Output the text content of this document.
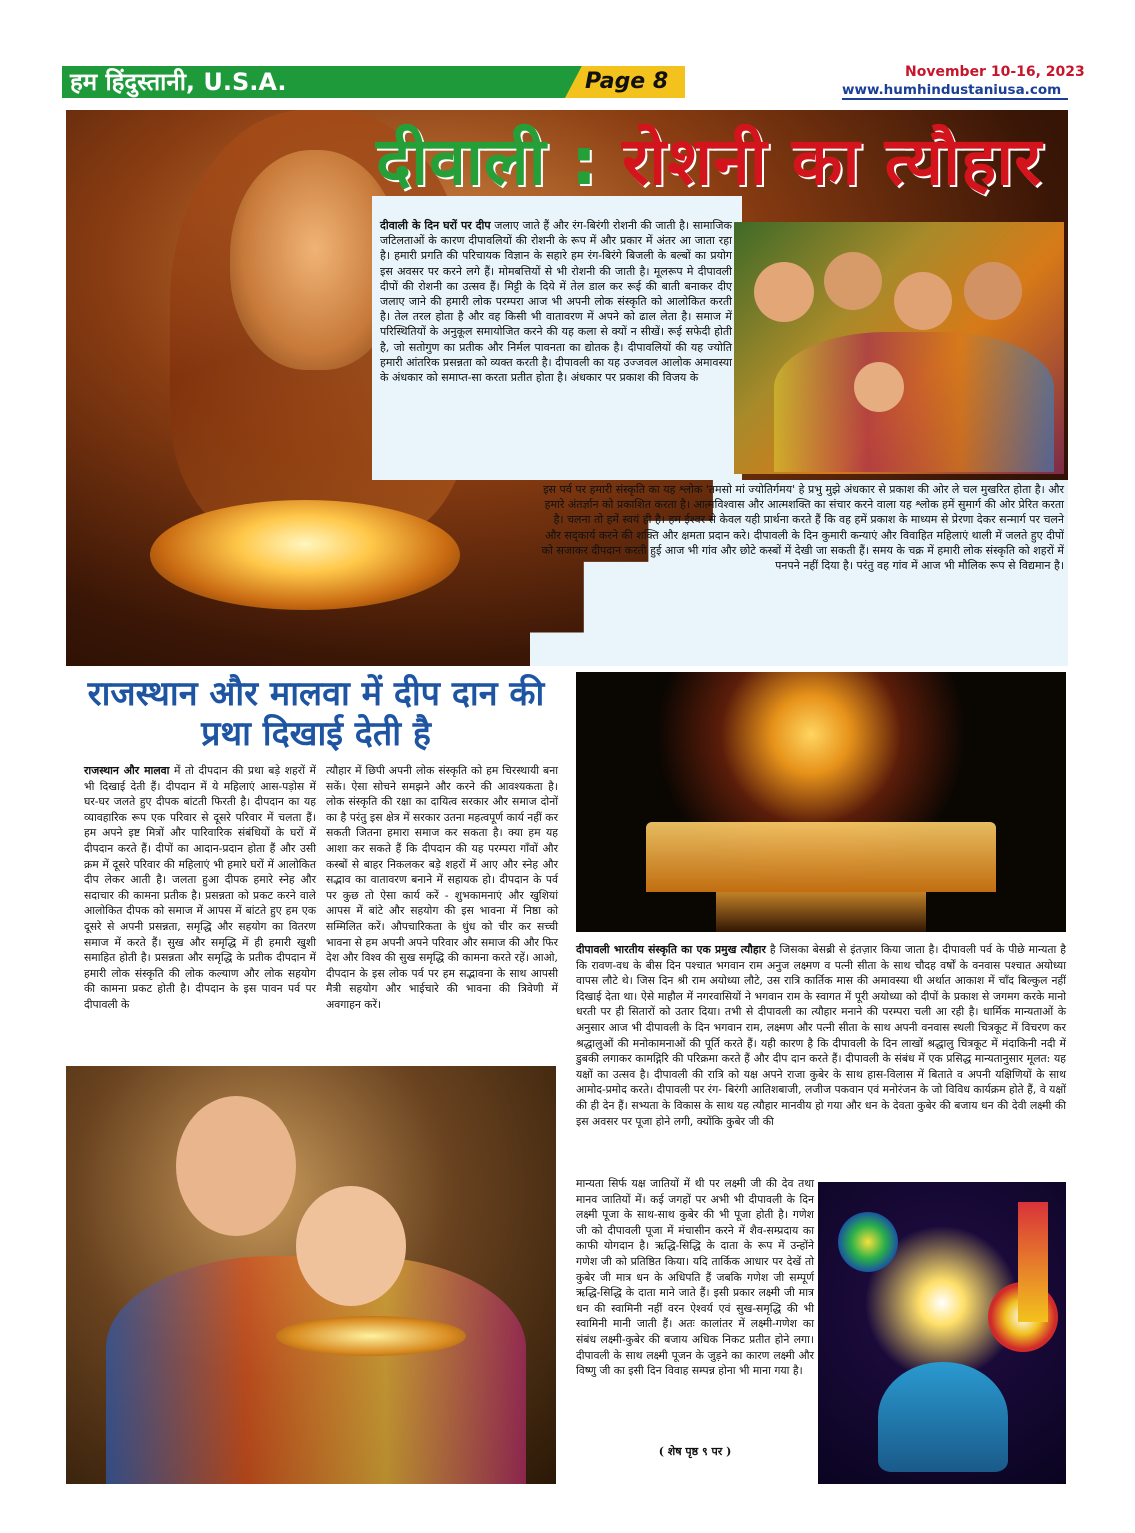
हम हिंदुस्तानी, U.S.A.	Page 8	November 10-16, 2023
www.humhindustaniusa.com
दीवाली : रोशनी का त्यौहार
दीवाली के दिन घरों पर दीप जलाए जाते हैं और रंग-बिरंगी रोशनी की जाती है। सामाजिक जटिलताओं के कारण दीपावलियों की रोशनी के रूप में और प्रकार में अंतर आ जाता रहा है। हमारी प्रगति की परिचायक विज्ञान के सहारे हम रंग-बिरंगे बिजली के बल्बों का प्रयोग इस अवसर पर करने लगे हैं। मोमबत्तियों से भी रोशनी की जाती है। मूलरूप मे दीपावली दीपों की रोशनी का उत्सव हैं। मिट्टी के दिये में तेल डाल कर रूई की बाती बनाकर दीए जलाए जाने की हमारी लोक परम्परा आज भी अपनी लोक संस्कृति को आलोकित करती है। तेल तरल होता है और वह किसी भी वातावरण में अपने को ढाल लेता है। समाज में परिस्थितियों के अनुकूल समायोजित करने की यह कला से क्यों न सीखें। रूई सफेदी होती है, जो सतोगुण का प्रतीक और निर्मल पावनता का द्योतक है। दीपावलियों की यह ज्योति हमारी आंतरिक प्रसन्नता को व्यक्त करती है। दीपावली का यह उज्जवल आलोक अमावस्या के अंधकार को समाप्त-सा करता प्रतीत होता है। अंधकार पर प्रकाश की विजय के
इस पर्व पर हमारी संस्कृति का यह श्लोक 'तमसो मां ज्योतिर्गमय' हे प्रभु मुझे अंधकार से प्रकाश की ओर ले चल मुखरित होता है। और हमारे अंतर्ज्ञान को प्रकाशित करता है। आत्मविश्वास और आत्मशक्ति का संचार करने वाला यह श्लोक हमें सुमार्ग की ओर प्रेरित करता है। चलना तो हमें स्वयं ही है। हम ईश्वर से केवल यही प्रार्थना करते हैं कि वह हमें प्रकाश के माध्यम से प्रेरणा देकर सन्मार्ग पर चलने और सद्कार्य करने की शक्ति और क्षमता प्रदान करे। दीपावली के दिन कुमारी कन्याएं और विवाहित महिलाएं थाली में जलते हुए दीपों को सजाकर दीपदान करती हुई आज भी गांव और छोटे कस्बों में देखी जा सकती हैं। समय के चक्र में हमारी लोक संस्कृति को शहरों में पनपने नहीं दिया है। परंतु वह गांव में आज भी मौलिक रूप से विद्यमान है।
राजस्थान और मालवा में दीप दान की प्रथा दिखाई देती है
राजस्थान और मालवा में तो दीपदान की प्रथा बड़े शहरों में भी दिखाई देती हैं। दीपदान में ये महिलाएं आस-पड़ोस में घर-घर जलते हुए दीपक बांटती फिरती है। दीपदान का यह व्यावहारिक रूप एक परिवार से दूसरे परिवार में चलता हैं। हम अपने इष्ट मित्रों और पारिवारिक संबंधियों के घरों में दीपदान करते हैं। दीपों का आदान-प्रदान होता हैं और उसी क्रम में दूसरे परिवार की महिलाएं भी हमारे घरों में आलोकित दीप लेकर आती है। जलता हुआ दीपक हमारे स्नेह और सदाचार की कामना प्रतीक है। प्रसन्नता को प्रकट करने वाले आलोकित दीपक को समाज में आपस में बांटते हुए हम एक दूसरे से अपनी प्रसन्नता, समृद्धि और सहयोग का वितरण समाज में करते हैं। सुख और समृद्धि में ही हमारी खुशी समाहित होती है। प्रसन्नता और समृद्धि के प्रतीक दीपदान में हमारी लोक संस्कृति की लोक कल्याण और लोक सहयोग की कामना प्रकट होती है। दीपदान के इस पावन पर्व पर दीपावली के
त्यौहार में छिपी अपनी लोक संस्कृति को हम चिरस्थायी बना सकें। ऐसा सोचने समझने और करने की आवश्यकता है। लोक संस्कृति की रक्षा का दायित्व सरकार और समाज दोनों का है परंतु इस क्षेत्र में सरकार उतना महत्वपूर्ण कार्य नहीं कर सकती जितना हमारा समाज कर सकता है। क्या हम यह आशा कर सकते हैं कि दीपदान की यह परम्परा गाँवों और कस्बों से बाहर निकलकर बड़े शहरों में आए और स्नेह और सद्भाव का वातावरण बनाने में सहायक हो। दीपदान के पर्व पर कुछ तो ऐसा कार्य करें - शुभकामनाएं और खुशियां आपस में बांटे और सहयोग की इस भावना में निष्ठा को सम्मिलित करें। औपचारिकता के धुंध को चीर कर सच्ची भावना से हम अपनी अपने परिवार और समाज की और फिर देश और विश्व की सुख समृद्धि की कामना करते रहें। आओ, दीपदान के इस लोक पर्व पर हम सद्भावना के साथ आपसी मैत्री सहयोग और भाईचारे की भावना की त्रिवेणी में अवगाहन करें।
दीपावली भारतीय संस्कृति का एक प्रमुख त्यौहार है जिसका बेसब्री से इंतज़ार किया जाता है। दीपावली पर्व के पीछे मान्यता है कि रावण-वध के बीस दिन पश्चात भगवान राम अनुज लक्ष्मण व पत्नी सीता के साथ चौदह वर्षों के वनवास पश्चात अयोध्या वापस लौटे थे। जिस दिन श्री राम अयोध्या लौटे, उस रात्रि कार्तिक मास की अमावस्या थी अर्थात आकाश में चाँद बिल्कुल नहीं दिखाई देता था। ऐसे माहौल में नगरवासियों ने भगवान राम के स्वागत में पूरी अयोध्या को दीपों के प्रकाश से जगमग करके मानो धरती पर ही सितारों को उतार दिया। तभी से दीपावली का त्यौहार मनाने की परम्परा चली आ रही है। धार्मिक मान्यताओं के अनुसार आज भी दीपावली के दिन भगवान राम, लक्ष्मण और पत्नी सीता के साथ अपनी वनवास स्थली चित्रकूट में विचरण कर श्रद्धालुओं की मनोकामनाओं की पूर्ति करते हैं। यही कारण है कि दीपावली के दिन लाखों श्रद्धालु चित्रकूट में मंदाकिनी नदी में डुबकी लगाकर कामद्गिरि की परिक्रमा करते हैं और दीप दान करते हैं। दीपावली के संबंध में एक प्रसिद्ध मान्यतानुसार मूलत: यह यक्षों का उत्सव है। दीपावली की रात्रि को यक्ष अपने राजा कुबेर के साथ हास-विलास में बिताते व अपनी यक्षिणियों के साथ आमोद-प्रमोद करते। दीपावली पर रंग- बिरंगी आतिशबाजी, लजीज पकवान एवं मनोरंजन के जो विविध कार्यक्रम होते हैं, वे यक्षों की ही देन हैं। सभ्यता के विकास के साथ यह त्यौहार मानवीय हो गया और धन के देवता कुबेर की बजाय धन की देवी लक्ष्मी की इस अवसर पर पूजा होने लगी, क्योंकि कुबेर जी की
मान्यता सिर्फ यक्ष जातियों में थी पर लक्ष्मी जी की देव तथा मानव जातियों में। कई जगहों पर अभी भी दीपावली के दिन लक्ष्मी पूजा के साथ-साथ कुबेर की भी पूजा होती है। गणेश जी को दीपावली पूजा में मंचासीन करने में शैव-सम्प्रदाय का काफी योगदान है। ऋद्धि-सिद्धि के दाता के रूप में उन्होंने गणेश जी को प्रतिष्ठित किया। यदि तार्किक आधार पर देखें तो कुबेर जी मात्र धन के अधिपति हैं जबकि गणेश जी सम्पूर्ण ऋद्धि-सिद्धि के दाता माने जाते हैं। इसी प्रकार लक्ष्मी जी मात्र धन की स्वामिनी नहीं वरन ऐश्वर्य एवं सुख-समृद्धि की भी स्वामिनी मानी जाती हैं। अतः कालांतर में लक्ष्मी-गणेश का संबंध लक्ष्मी-कुबेर की बजाय अधिक निकट प्रतीत होने लगा। दीपावली के साथ लक्ष्मी पूजन के जुड़ने का कारण लक्ष्मी और विष्णु जी का इसी दिन विवाह सम्पन्न होना भी माना गया है।
( शेष पृष्ठ ९ पर )
